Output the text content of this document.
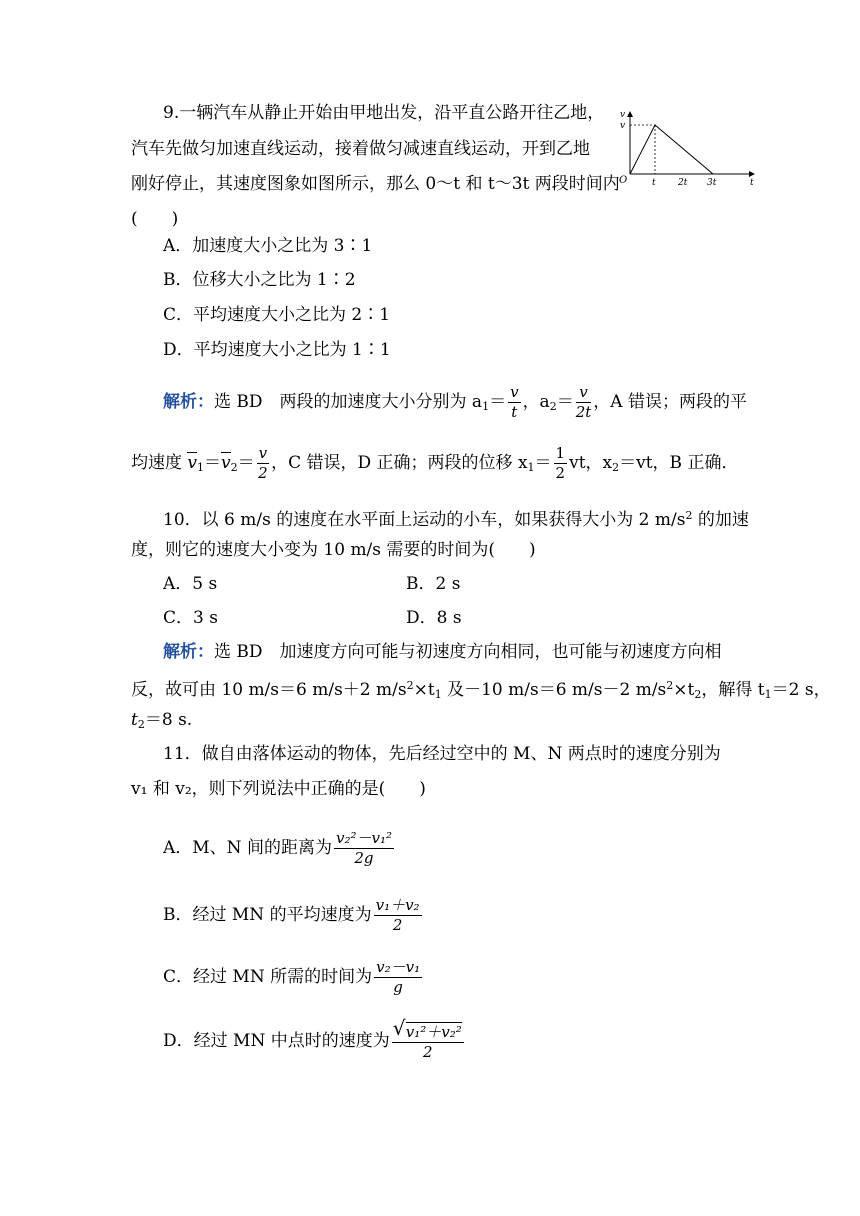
9.一辆汽车从静止开始由甲地出发，沿平直公路开往乙地，
汽车先做匀加速直线运动，接着做匀减速直线运动，开到乙地
刚好停止，其速度图象如图所示，那么 0～t 和 t～3t 两段时间内
(　　)
v
v
O	t 2t 3t	t
A．加速度大小之比为 3∶1
B．位移大小之比为 1∶2
C．平均速度大小之比为 2∶1
D．平均速度大小之比为 1∶1
解析：选 BD　两段的加速度大小分别为 $a_1= \frac{v}{t}$ ，$a_2= \frac{v}{2t}$ ，A 错误；两段的平
均速度 $v_1=v_2= \frac{v}{2}$ ，C 错误，D 正确；两段的位移 $x_1= \frac{1}{2}$ vt，$x_2=vt$，B 正确．
10．以 6 m/s 的速度在水平面上运动的小车，如果获得大小为 2 $m/s^2$ 的加速
度，则它的速度大小变为 10 m/s 需要的时间为(　　)
A．5 s	B．2 s
C．3 s	D．8 s
解析：选 BD　加速度方向可能与初速度方向相同，也可能与初速度方向相
反，故可由 10 m/s＝6 m/s＋2 $m/s^2\times t_1$ 及－10 m/s＝6 m/s－2 $m/s^2\times t_2$，解得 $t_1=2$ s，
$t_2=8$ s.
11．做自由落体运动的物体，先后经过空中的 M、N 两点时的速度分别为
v₁ 和 v₂，则下列说法中正确的是(　　)
A．M、N 间的距离为 $\frac{\text{v₂²－v₁²}}{2g}$
B．经过 MN 的平均速度为 $\frac{\text{v₁＋v₂}}{2}$
C．经过 MN 所需的时间为 $\frac{\text{v₂－v₁}}{g}$
D．经过 MN 中点时的速度为
√ $\frac{\text{v₁²＋v₂²}}{2}$
